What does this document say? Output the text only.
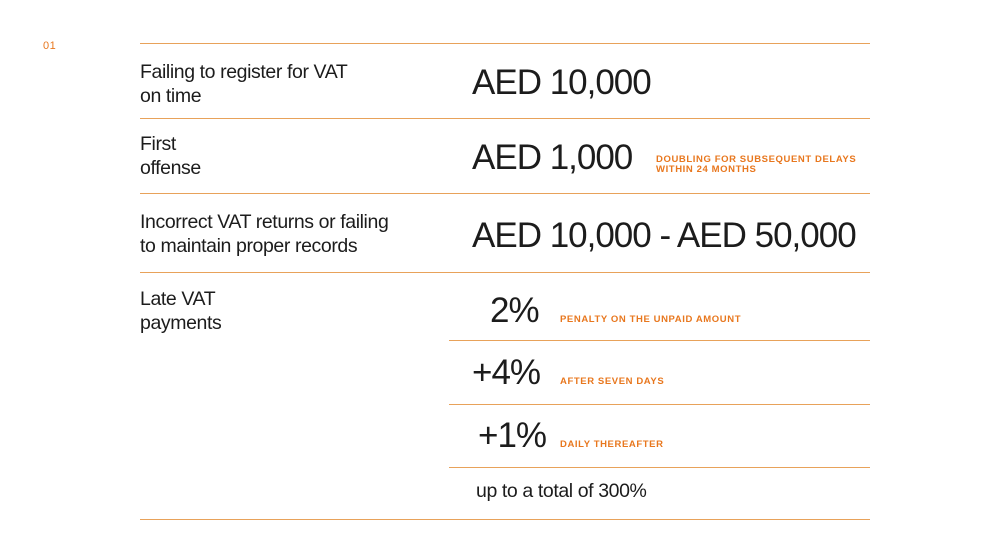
01
Failing to register for VAT
on time	AED 10,000
First
offense	AED 1,000 DOUBLING FOR SUBSEQUENT DELAYS
WITHIN 24 MONTHS
Incorrect VAT returns or failing
to maintain proper records	AED 10,000 - AED 50,000
Late VAT
payments	2% PENALTY ON THE UNPAID AMOUNT
+4% AFTER SEVEN DAYS
+1% DAILY THEREAFTER
up to a total of 300%
